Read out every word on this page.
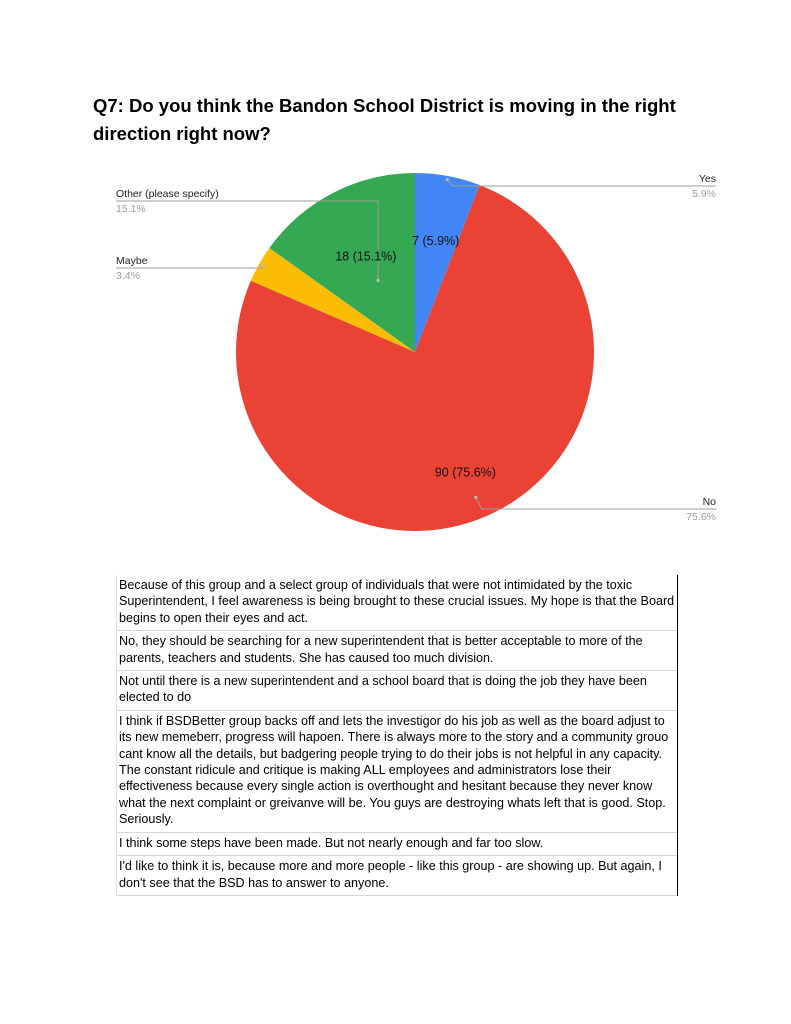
Q7: Do you think the Bandon School District is moving in the right direction right now?
7 (5.9%)
Yes
5.9%
90 (75.6%)
No
75.6%
Maybe
3.4%
18 (15.1%)
Other (please specify)
15.1%
Because of this group and a select group of individuals that were not intimidated by the toxic Superintendent, I feel awareness is being brought to these crucial issues. My hope is that the Board begins to open their eyes and act.
No, they should be searching for a new superintendent that is better acceptable to more of the parents, teachers and students. She has caused too much division.
Not until there is a new superintendent and a school board that is doing the job they have been elected to do
I think if BSDBetter group backs off and lets the investigor do his job as well as the board adjust to its new memeberr, progress will hapoen. There is always more to the story and a community grouo cant know all the details, but badgering people trying to do their jobs is not helpful in any capacity. The constant ridicule and critique is making ALL employees and administrators lose their effectiveness because every single action is overthought and hesitant because they never know what the next complaint or greivanve will be. You guys are destroying whats left that is good. Stop. Seriously.
I think some steps have been made. But not nearly enough and far too slow.
I'd like to think it is, because more and more people - like this group - are showing up. But again, I don't see that the BSD has to answer to anyone.
